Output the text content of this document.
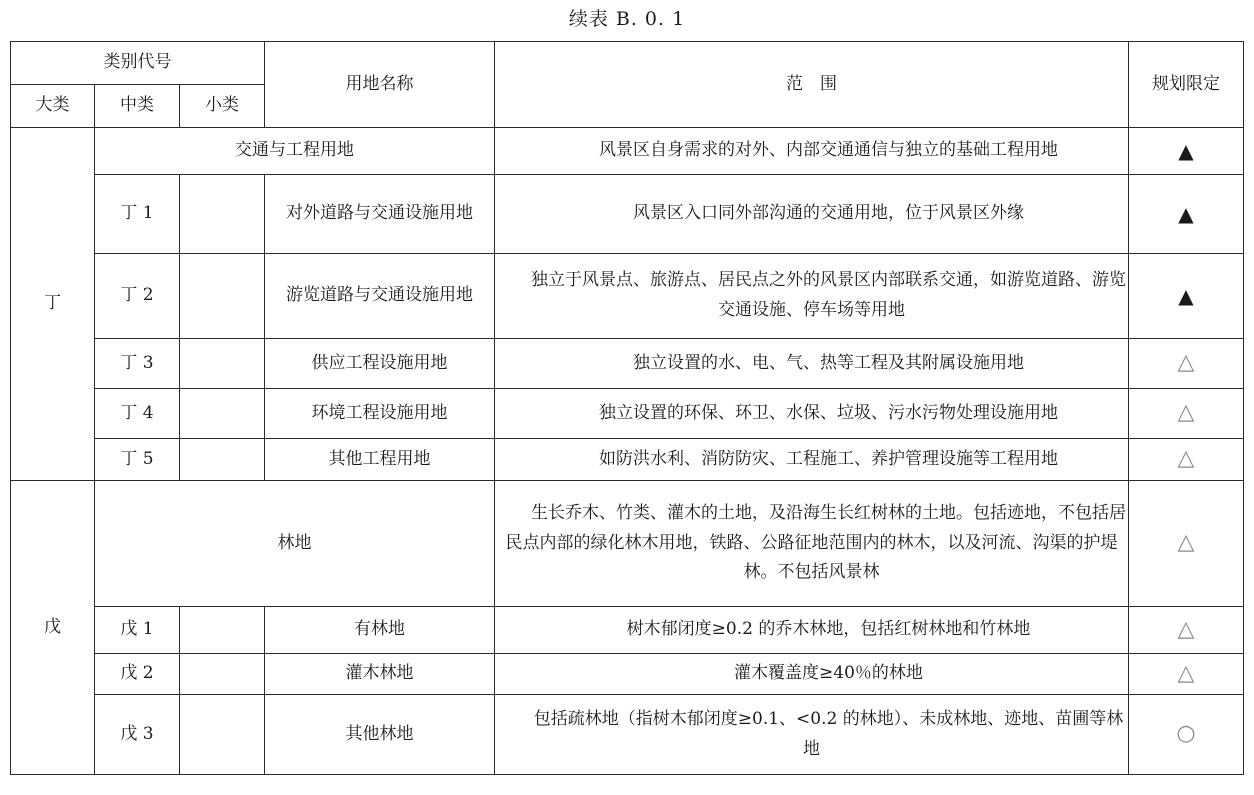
续表 B. 0. 1
类别代号			用地名称	范　围	规划限定
大类	中类	小类			
丁	交通与工程用地			风景区自身需求的对外、内部交通通信与独立的基础工程用地	▲
	丁 1		对外道路与交通设施用地	风景区入口同外部沟通的交通用地，位于风景区外缘	▲
	丁 2		游览道路与交通设施用地	独立于风景点、旅游点、居民点之外的风景区内部联系交通，如游览道路、游览交通设施、停车场等用地	▲
	丁 3		供应工程设施用地	独立设置的水、电、气、热等工程及其附属设施用地	△
	丁 4		环境工程设施用地	独立设置的环保、环卫、水保、垃圾、污水污物处理设施用地	△
	丁 5		其他工程用地	如防洪水利、消防防灾、工程施工、养护管理设施等工程用地	△
戊	林地			生长乔木、竹类、灌木的土地，及沿海生长红树林的土地。包括迹地，不包括居民点内部的绿化林木用地，铁路、公路征地范围内的林木，以及河流、沟渠的护堤林。不包括风景林	△
	戊 1		有林地	树木郁闭度≥0.2 的乔木林地，包括红树林地和竹林地	△
	戊 2		灌木林地	灌木覆盖度≥40％的林地	△
	戊 3		其他林地	包括疏林地（指树木郁闭度≥0.1、<0.2 的林地）、未成林地、迹地、苗圃等林地	○
